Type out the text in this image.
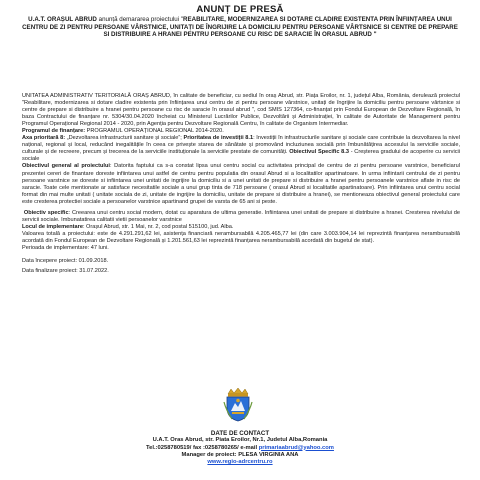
ANUNȚ DE PRESĂ
U.A.T. ORAȘUL ABRUD anunță demararea proiectului "REABILITARE, MODERNIZAREA SI DOTARE CLADIRE EXISTENTA PRIN ÎNFIINȚAREA UNUI CENTRU DE ZI PENTRU PERSOANE VÂRSTNICE, UNITAȚI DE ÎNGRIJIRE LA DOMICILIU PENTRU PERSOANE VÂRTSNICE SI CENTRE DE PREPARE SI DISTRIBUIRE A HRANEI PENTRU PERSOANE CU RISC DE SARACIE ÎN ORASUL ABRUD "

UNITATEA ADMINISTRATIV TERITORIALĂ ORAȘ ABRUD, în calitate de beneficiar, cu sediul în oraș Abrud, str. Piața Eroilor, nr. 1, județul Alba, România, derulează proiectul "Reabilitare, modernizarea si dotare cladire existenta prin înființarea unui centru de zi pentru persoane vârstnice, unitați de îngrijire la domiciliu pentru persoane vârtsnice si centre de prepare si distribuire a hranei pentru persoane cu risc de saracie în orasul abrud ", cod SMIS 127364, co-finanțat prin Fondul European de Dezvoltare Regională, în baza Contractului de finanțare nr. 5304/30.04.2020 încheiat cu Ministerul Lucrărilor Publice, Dezvoltării și Administrației, în calitate de Autoritate de Management pentru Programul Operațional Regional 2014 - 2020, prin Agenția pentru Dezvoltare Regională Centru, în calitate de Organism Intermediar.

Programul de finanțare: PROGRAMUL OPERAȚIONAL REGIONAL 2014-2020.

Axa prioritară 8: „Dezvoltarea infrastructurii sanitare și sociale”; Prioritatea de investiții 8.1: Investiții în infrastructurile sanitare și sociale care contribuie la dezvoltarea la nivel național, regional și local, reducând inegalitățile în ceea ce privește starea de sănătate și promovând incluziunea socială prin îmbunătățirea accesului la serviciile sociale, culturale și de recreere, precum și trecerea de la serviciile instituționale la serviciile prestate de comunități. Obiectivul Specific 8.3 - Creșterea gradului de acoperire cu servicii sociale

Obiectivul general al proiectului: Datorita faptului ca s-a constat lipsa unui centru social cu activitatea principal de centru de zi pentru persoane varstnice, beneficiarul prezentei cereri de finantare doreste infiintarea unui astfel de centru pentru populatia din orasul Abrud si a localitatilor apartinatoare. In urma infiintarii centrului de zi pentru persoane varstnice se doreste si infiintarea unei unitati de ingrijire la domiciliu si a unei unitati de prepare si distribuire a hranei pentru persoanele varstnice aflate in risc de saracie. Toate cele mentionate ar satisface necesitatile sociale a unui grup tinta de 718 persoane ( orasul Abrud si localitatile apartinatoare). Prin infiintarea unui centru social format din mai multe unitati ( unitate sociala de zi, unitate de ingrijire la domiciliu, unitate de prepare si distribuire a hranei), se mentioneaza obiectivul general proiectului care este cresterea protectiei sociale a persoanelor varstnice apartinand grupei de varsta de 65 ani si peste.

Obiectiv specific: Creearea unui centru social modern, dotat cu aparatura de ultima generatie. Infiintarea unei unitati de prepare si distribuire a hranei. Cresterea nivelului de servicii sociale. Imbunatatirea calitatii vietii persoanelor varstnice

Locul de implementare: Orașul Abrud, str. 1 Mai, nr. 2, cod postal 515100, jud. Alba.

Valoarea totală a proiectului: este de 4.291.291,62 lei, asistența financiară nerambursabilă 4.205.465,77 lei (din care 3.003.904,14 lei reprezintă finanțarea nerambursabilă acordată din Fondul European de Dezvoltare Regională și 1.201.561,63 lei reprezintă finanțarea nerambursabilă acordată din bugetul de stat).

Perioada de implementare: 47 luni.

Data începere proiect: 01.09.2018.

Data finalizare proiect: 31.07.2022.

DATE DE CONTACT
U.A.T. Oras Abrud, str. Piata Eroilor, Nr.1, Judetul Alba,Romania
Tel.:0258780519/ fax :0258780265/ e-mail primariaabrud@yahoo.com
Manager de proiect: PLESA VIRGINIA ANA
www.regio-adrcentru.ro
